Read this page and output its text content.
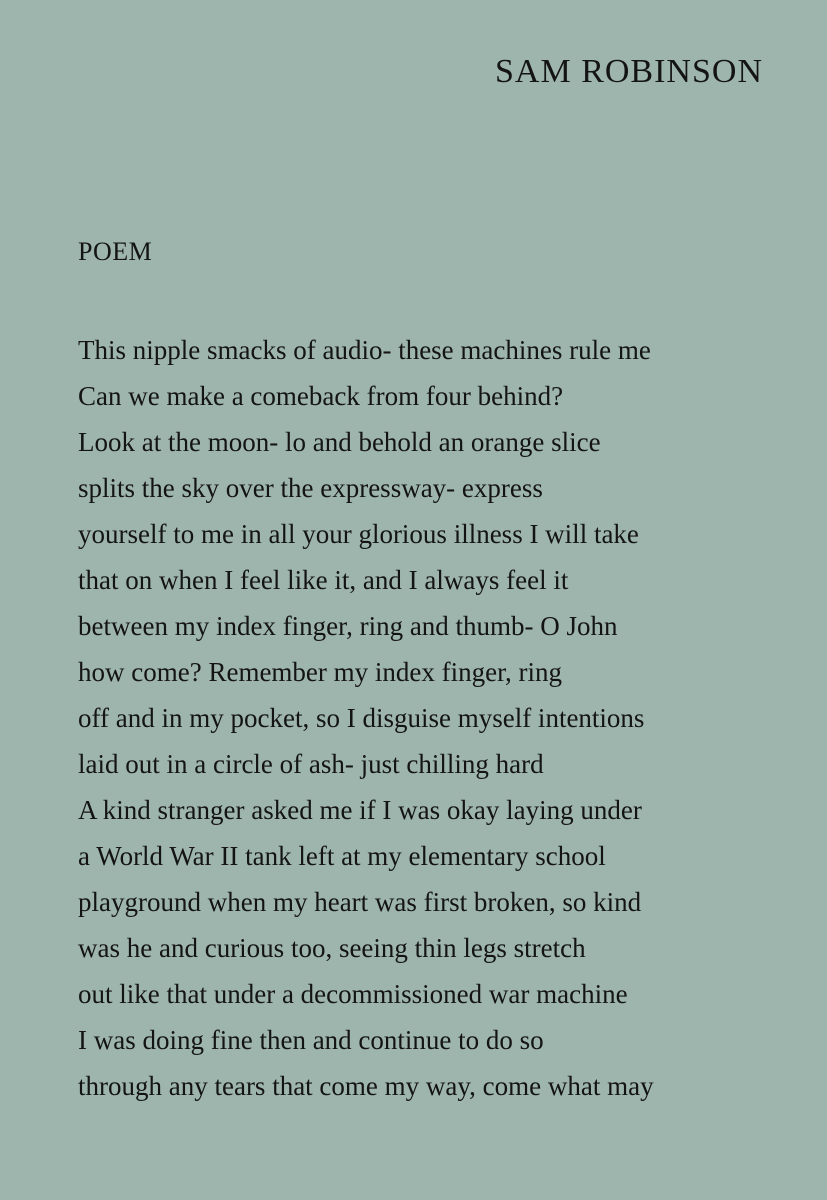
SAM ROBINSON
POEM
This nipple smacks of audio- these machines rule me
Can we make a comeback from four behind?
Look at the moon- lo and behold an orange slice
splits the sky over the expressway- express
yourself to me in all your glorious illness I will take
that on when I feel like it, and I always feel it
between my index finger, ring and thumb- O John
how come? Remember my index finger, ring
off and in my pocket, so I disguise myself intentions
laid out in a circle of ash- just chilling hard
A kind stranger asked me if I was okay laying under
a World War II tank left at my elementary school
playground when my heart was first broken, so kind
was he and curious too, seeing thin legs stretch
out like that under a decommissioned war machine
I was doing fine then and continue to do so
through any tears that come my way, come what may
